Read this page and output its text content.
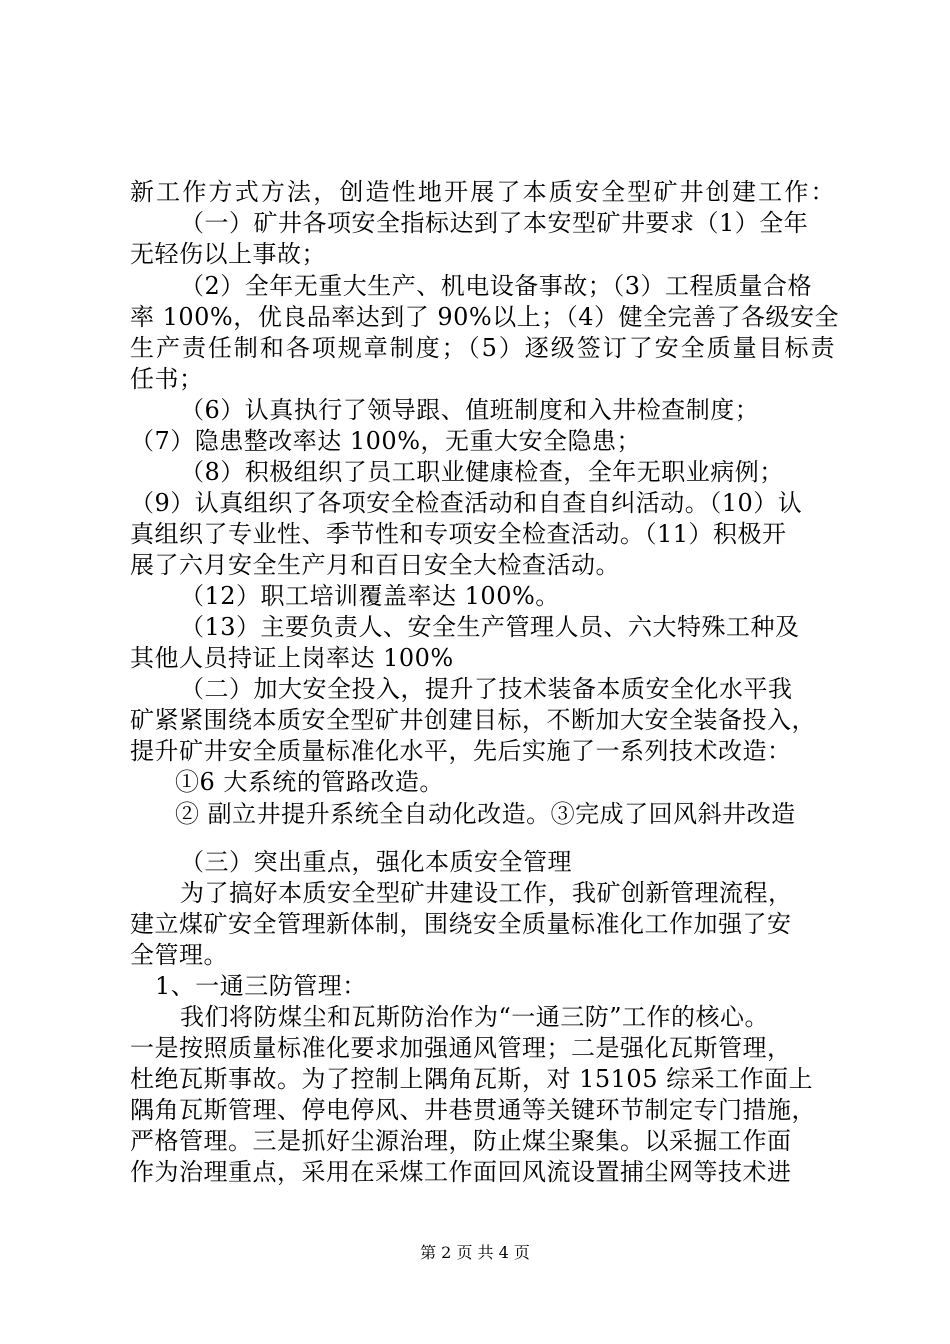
新工作方式方法，创造性地开展了本质安全型矿井创建工作：
（一）矿井各项安全指标达到了本安型矿井要求（1）全年
无轻伤以上事故；
（2）全年无重大生产、机电设备事故；（3）工程质量合格
率 100%，优良品率达到了 90%以上；（4）健全完善了各级安全
生产责任制和各项规章制度；（5）逐级签订了安全质量目标责
任书；
（6）认真执行了领导跟、值班制度和入井检查制度；
（7）隐患整改率达 100%，无重大安全隐患；
（8）积极组织了员工职业健康检查，全年无职业病例；
（9）认真组织了各项安全检查活动和自查自纠活动。（10）认
真组织了专业性、季节性和专项安全检查活动。（11）积极开
展了六月安全生产月和百日安全大检查活动。
（12）职工培训覆盖率达 100%。
（13）主要负责人、安全生产管理人员、六大特殊工种及
其他人员持证上岗率达 100%
（二）加大安全投入，提升了技术装备本质安全化水平我
矿紧紧围绕本质安全型矿井创建目标，不断加大安全装备投入，
提升矿井安全质量标准化水平，先后实施了一系列技术改造：
①6 大系统的管路改造。
② 副立井提升系统全自动化改造。③完成了回风斜井改造
（三）突出重点，强化本质安全管理
为了搞好本质安全型矿井建设工作，我矿创新管理流程，
建立煤矿安全管理新体制，围绕安全质量标准化工作加强了安
全管理。
1、一通三防管理：
我们将防煤尘和瓦斯防治作为“一通三防”工作的核心。
一是按照质量标准化要求加强通风管理；二是强化瓦斯管理，
杜绝瓦斯事故。为了控制上隅角瓦斯，对 15105 综采工作面上
隅角瓦斯管理、停电停风、井巷贯通等关键环节制定专门措施，
严格管理。三是抓好尘源治理，防止煤尘聚集。以采掘工作面
作为治理重点，采用在采煤工作面回风流设置捕尘网等技术进
第 2 页 共 4 页
